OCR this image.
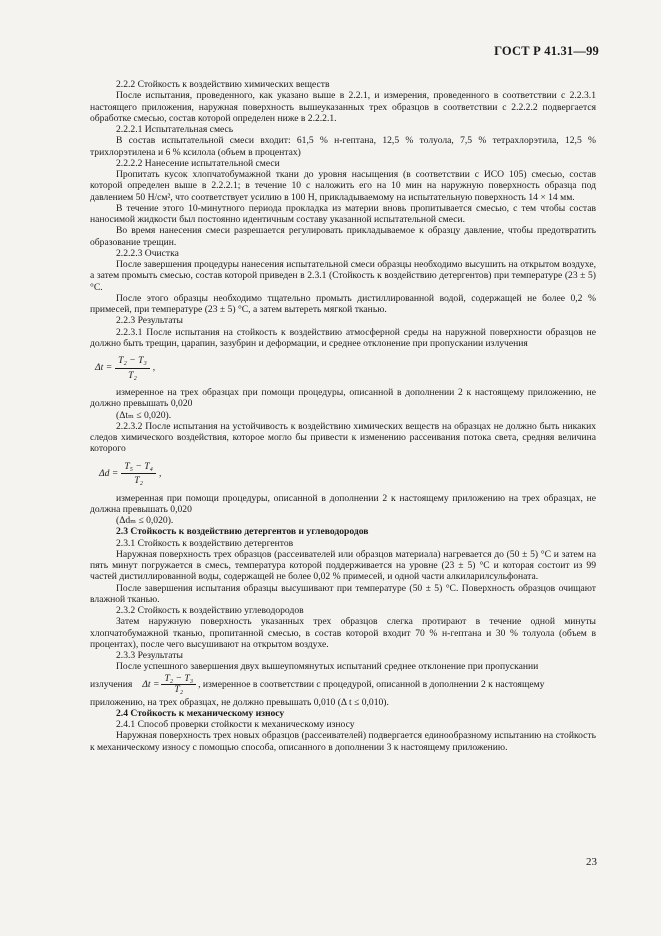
ГОСТ Р 41.31—99

2.2.2 Стойкость к воздействию химических веществ

После испытания, проведенного, как указано выше в 2.2.1, и измерения, проведенного в соответствии с 2.2.3.1 настоящего приложения, наружная поверхность вышеуказанных трех образцов в соответствии с 2.2.2.2 подвергается обработке смесью, состав которой определен ниже в 2.2.2.1.

2.2.2.1 Испытательная смесь

В состав испытательной смеси входит: 61,5 % н-гептана, 12,5 % толуола, 7,5 % тетрахлорэтила, 12,5 % трихлорэтилена и 6 % ксилола (объем в процентах)

2.2.2.2 Нанесение испытательной смеси

Пропитать кусок хлопчатобумажной ткани до уровня насыщения (в соответствии с ИСО 105) смесью, состав которой определен выше в 2.2.2.1; в течение 10 с наложить его на 10 мин на наружную поверхность образца под давлением 50 Н/см², что соответствует усилию в 100 Н, прикладываемому на испытательную поверхность 14 × 14 мм.

В течение этого 10-минутного периода прокладка из материи вновь пропитывается смесью, с тем чтобы состав наносимой жидкости был постоянно идентичным составу указанной испытательной смеси.

Во время нанесения смеси разрешается регулировать прикладываемое к образцу давление, чтобы предотвратить образование трещин.

2.2.2.3 Очистка

После завершения процедуры нанесения испытательной смеси образцы необходимо высушить на открытом воздухе, а затем промыть смесью, состав которой приведен в 2.3.1 (Стойкость к воздействию детергентов) при температуре (23 ± 5) °С.

После этого образцы необходимо тщательно промыть дистиллированной водой, содержащей не более 0,2 % примесей, при температуре (23 ± 5) °С, а затем вытереть мягкой тканью.

2.2.3 Результаты

2.2.3.1 После испытания на стойкость к воздействию атмосферной среды на наружной поверхности образцов не должно быть трещин, царапин, зазубрин и деформации, и среднее отклонение при пропускании излучения

$\Delta t = \frac{\text{T₂ − T₃}}{\text{T₂}}$ ,

измеренное на трех образцах при помощи процедуры, описанной в дополнении 2 к настоящему приложению, не должно превышать 0,020

(Δtₘ ≤ 0,020).

2.2.3.2 После испытания на устойчивость к воздействию химических веществ на образцах не должно быть никаких следов химического воздействия, которое могло бы привести к изменению рассеивания потока света, средняя величина которого

$\Delta d = \frac{\text{T₅ − T₄}}{\text{T₂}}$ ,

измеренная при помощи процедуры, описанной в дополнении 2 к настоящему приложению на трех образцах, не должна превышать 0,020

(Δdₘ ≤ 0,020).

2.3 Стойкость к воздействию детергентов и углеводородов

2.3.1 Стойкость к воздействию детергентов

Наружная поверхность трех образцов (рассеивателей или образцов материала) нагревается до (50 ± 5) °С и затем на пять минут погружается в смесь, температура которой поддерживается на уровне (23 ± 5) °С и которая состоит из 99 частей дистиллированной воды, содержащей не более 0,02 % примесей, и одной части алкиларилсульфоната.

После завершения испытания образцы высушивают при температуре (50 ± 5) °С. Поверхность образцов очищают влажной тканью.

2.3.2 Стойкость к воздействию углеводородов

Затем наружную поверхность указанных трех образцов слегка протирают в течение одной минуты хлопчатобумажной тканью, пропитанной смесью, в состав которой входит 70 % н-гептана и 30 % толуола (объем в процентах), после чего высушивают на открытом воздухе.

2.3.3 Результаты

После успешного завершения двух вышеупомянутых испытаний среднее отклонение при пропускании

излучения $\Delta t = \frac{\text{T₂ − T₃}}{\text{T₂}}$ , измеренное в соответствии с процедурой, описанной в дополнении 2 к настоящему

приложению, на трех образцах, не должно превышать 0,010 (Δ t ≤ 0,010).

2.4 Стойкость к механическому износу

2.4.1 Способ проверки стойкости к механическому износу

Наружная поверхность трех новых образцов (рассеивателей) подвергается единообразному испытанию на стойкость к механическому износу с помощью способа, описанного в дополнении 3 к настоящему приложению.

23
